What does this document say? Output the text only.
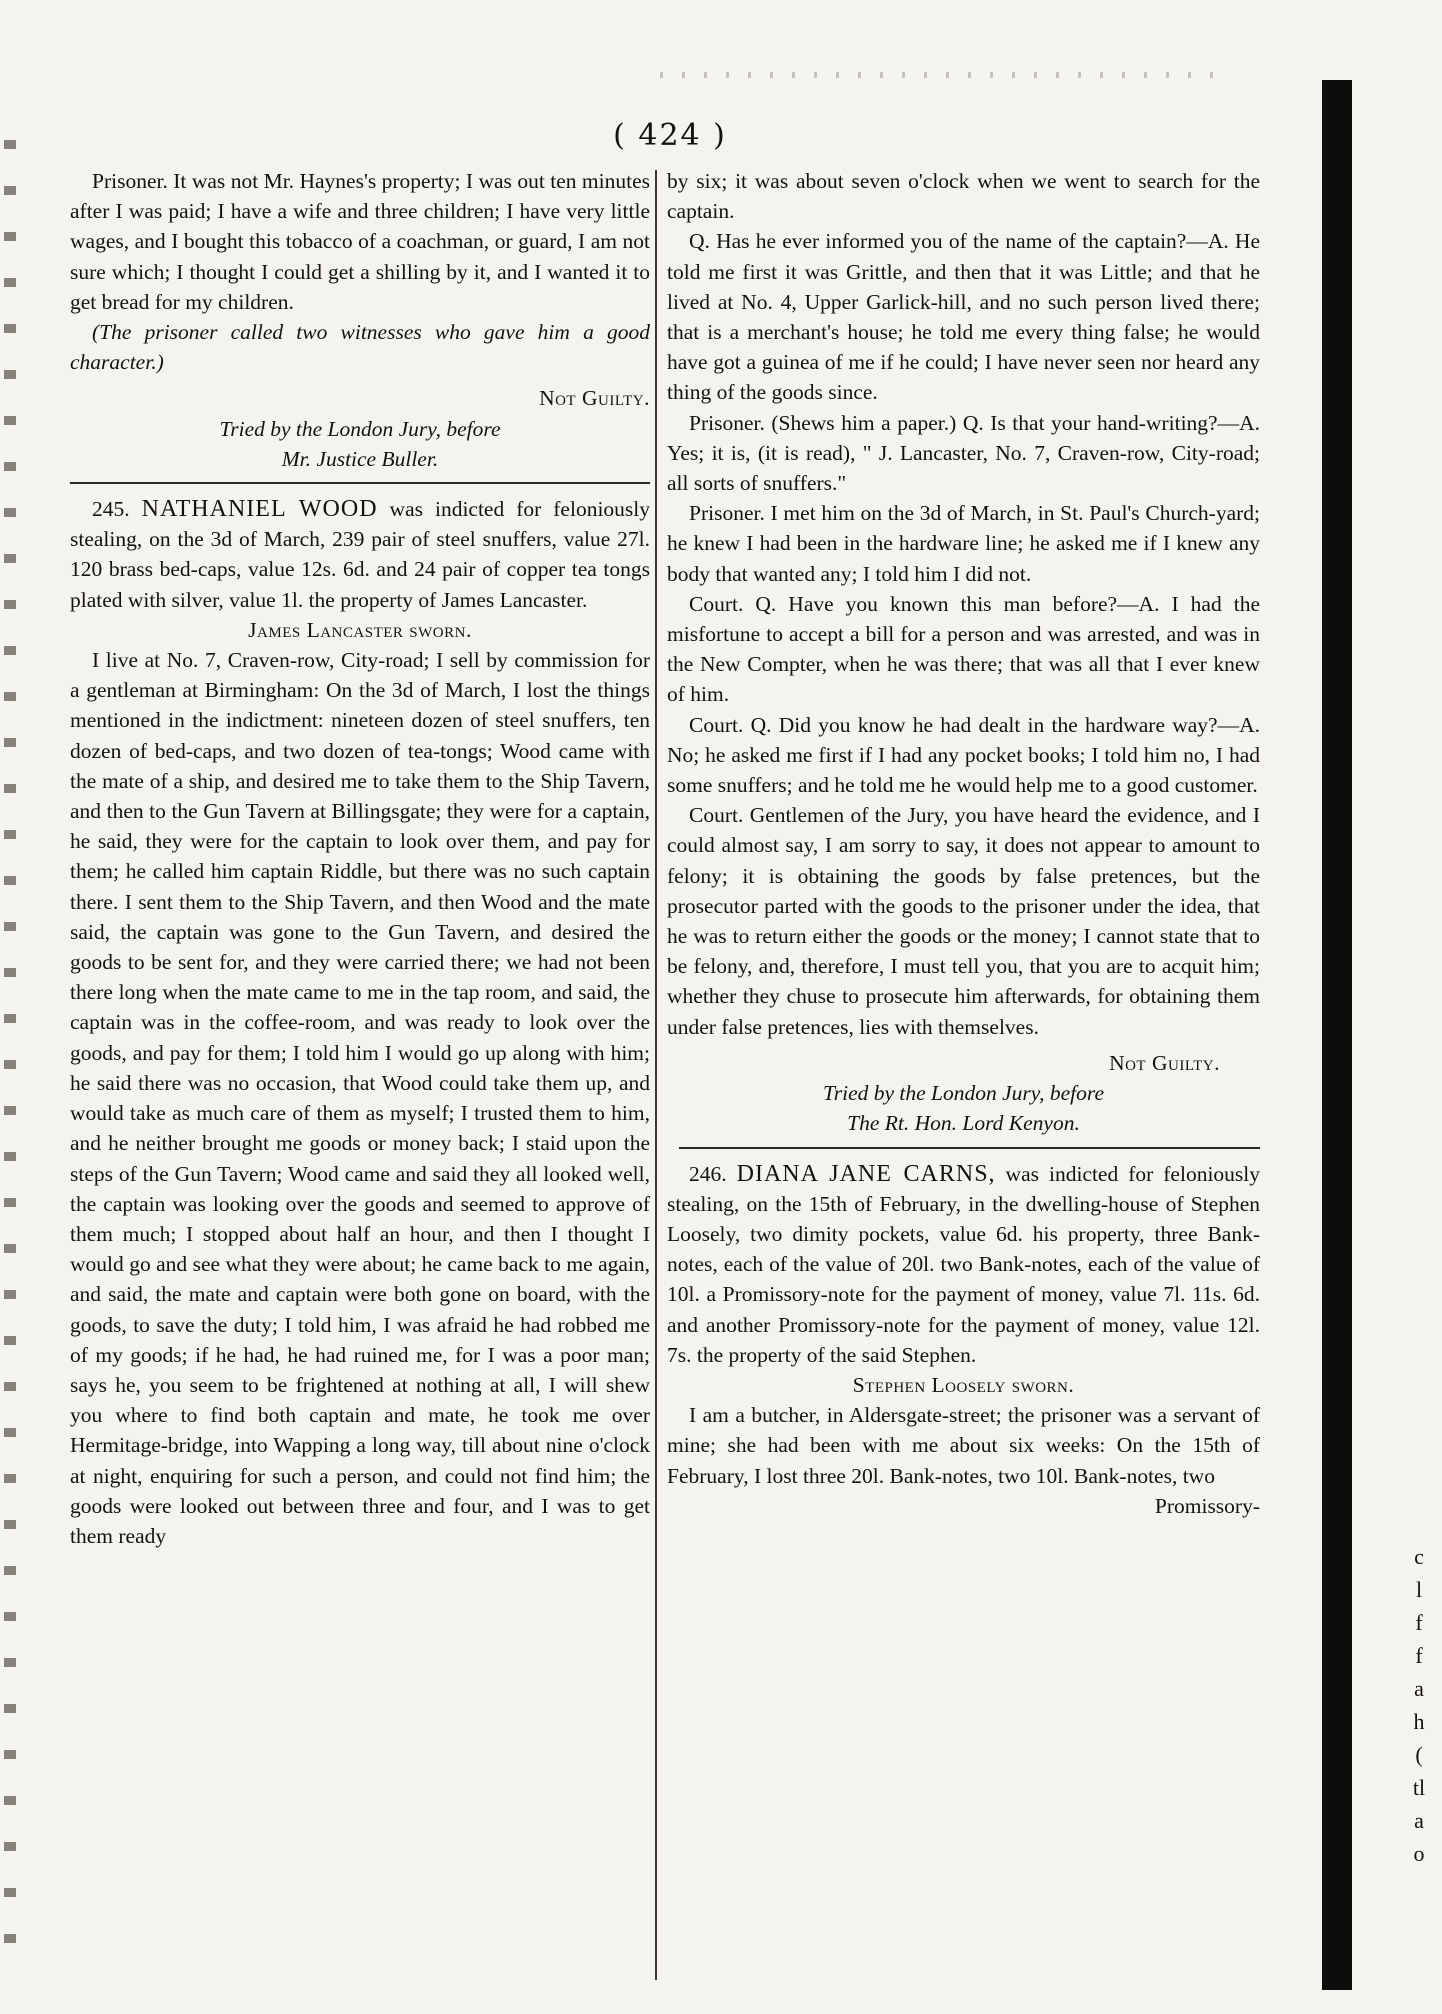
( 424 )

Prisoner. It was not Mr. Haynes's property; I was out ten minutes after I was paid; I have a wife and three children; I have very little wages, and I bought this tobacco of a coachman, or guard, I am not sure which; I thought I could get a shilling by it, and I wanted it to get bread for my children.

(The prisoner called two witnesses who gave him a good character.)

Not Guilty.

Tried by the London Jury, before

Mr. Justice Buller.

245. NATHANIEL WOOD was indicted for feloniously stealing, on the 3d of March, 239 pair of steel snuffers, value 27l. 120 brass bed-caps, value 12s. 6d. and 24 pair of copper tea tongs plated with silver, value 1l. the property of James Lancaster.

James Lancaster sworn.

I live at No. 7, Craven-row, City-road; I sell by commission for a gentleman at Birmingham: On the 3d of March, I lost the things mentioned in the indictment: nineteen dozen of steel snuffers, ten dozen of bed-caps, and two dozen of tea-tongs; Wood came with the mate of a ship, and desired me to take them to the Ship Tavern, and then to the Gun Tavern at Billingsgate; they were for a captain, he said, they were for the captain to look over them, and pay for them; he called him captain Riddle, but there was no such captain there. I sent them to the Ship Tavern, and then Wood and the mate said, the captain was gone to the Gun Tavern, and desired the goods to be sent for, and they were carried there; we had not been there long when the mate came to me in the tap room, and said, the captain was in the coffee-room, and was ready to look over the goods, and pay for them; I told him I would go up along with him; he said there was no occasion, that Wood could take them up, and would take as much care of them as myself; I trusted them to him, and he neither brought me goods or money back; I staid upon the steps of the Gun Tavern; Wood came and said they all looked well, the captain was looking over the goods and seemed to approve of them much; I stopped about half an hour, and then I thought I would go and see what they were about; he came back to me again, and said, the mate and captain were both gone on board, with the goods, to save the duty; I told him, I was afraid he had robbed me of my goods; if he had, he had ruined me, for I was a poor man; says he, you seem to be frightened at nothing at all, I will shew you where to find both captain and mate, he took me over Hermitage-bridge, into Wapping a long way, till about nine o'clock at night, enquiring for such a person, and could not find him; the goods were looked out between three and four, and I was to get them ready

by six; it was about seven o'clock when we went to search for the captain.

Q. Has he ever informed you of the name of the captain?—A. He told me first it was Grittle, and then that it was Little; and that he lived at No. 4, Upper Garlick-hill, and no such person lived there; that is a merchant's house; he told me every thing false; he would have got a guinea of me if he could; I have never seen nor heard any thing of the goods since.

Prisoner. (Shews him a paper.) Q. Is that your hand-writing?—A. Yes; it is, (it is read), " J. Lancaster, No. 7, Craven-row, City-road; all sorts of snuffers."

Prisoner. I met him on the 3d of March, in St. Paul's Church-yard; he knew I had been in the hardware line; he asked me if I knew any body that wanted any; I told him I did not.

Court. Q. Have you known this man before?—A. I had the misfortune to accept a bill for a person and was arrested, and was in the New Compter, when he was there; that was all that I ever knew of him.

Court. Q. Did you know he had dealt in the hardware way?—A. No; he asked me first if I had any pocket books; I told him no, I had some snuffers; and he told me he would help me to a good customer.

Court. Gentlemen of the Jury, you have heard the evidence, and I could almost say, I am sorry to say, it does not appear to amount to felony; it is obtaining the goods by false pretences, but the prosecutor parted with the goods to the prisoner under the idea, that he was to return either the goods or the money; I cannot state that to be felony, and, therefore, I must tell you, that you are to acquit him; whether they chuse to prosecute him afterwards, for obtaining them under false pretences, lies with themselves.

Not Guilty.

Tried by the London Jury, before

The Rt. Hon. Lord Kenyon.

246. DIANA JANE CARNS, was indicted for feloniously stealing, on the 15th of February, in the dwelling-house of Stephen Loosely, two dimity pockets, value 6d. his property, three Bank-notes, each of the value of 20l. two Bank-notes, each of the value of 10l. a Promissory-note for the payment of money, value 7l. 11s. 6d. and another Promissory-note for the payment of money, value 12l. 7s. the property of the said Stephen.

Stephen Loosely sworn.

I am a butcher, in Aldersgate-street; the prisoner was a servant of mine; she had been with me about six weeks: On the 15th of February, I lost three 20l. Bank-notes, two 10l. Bank-notes, two

Promissory-

c
l
f
f
a
h
(
tl
a
o
